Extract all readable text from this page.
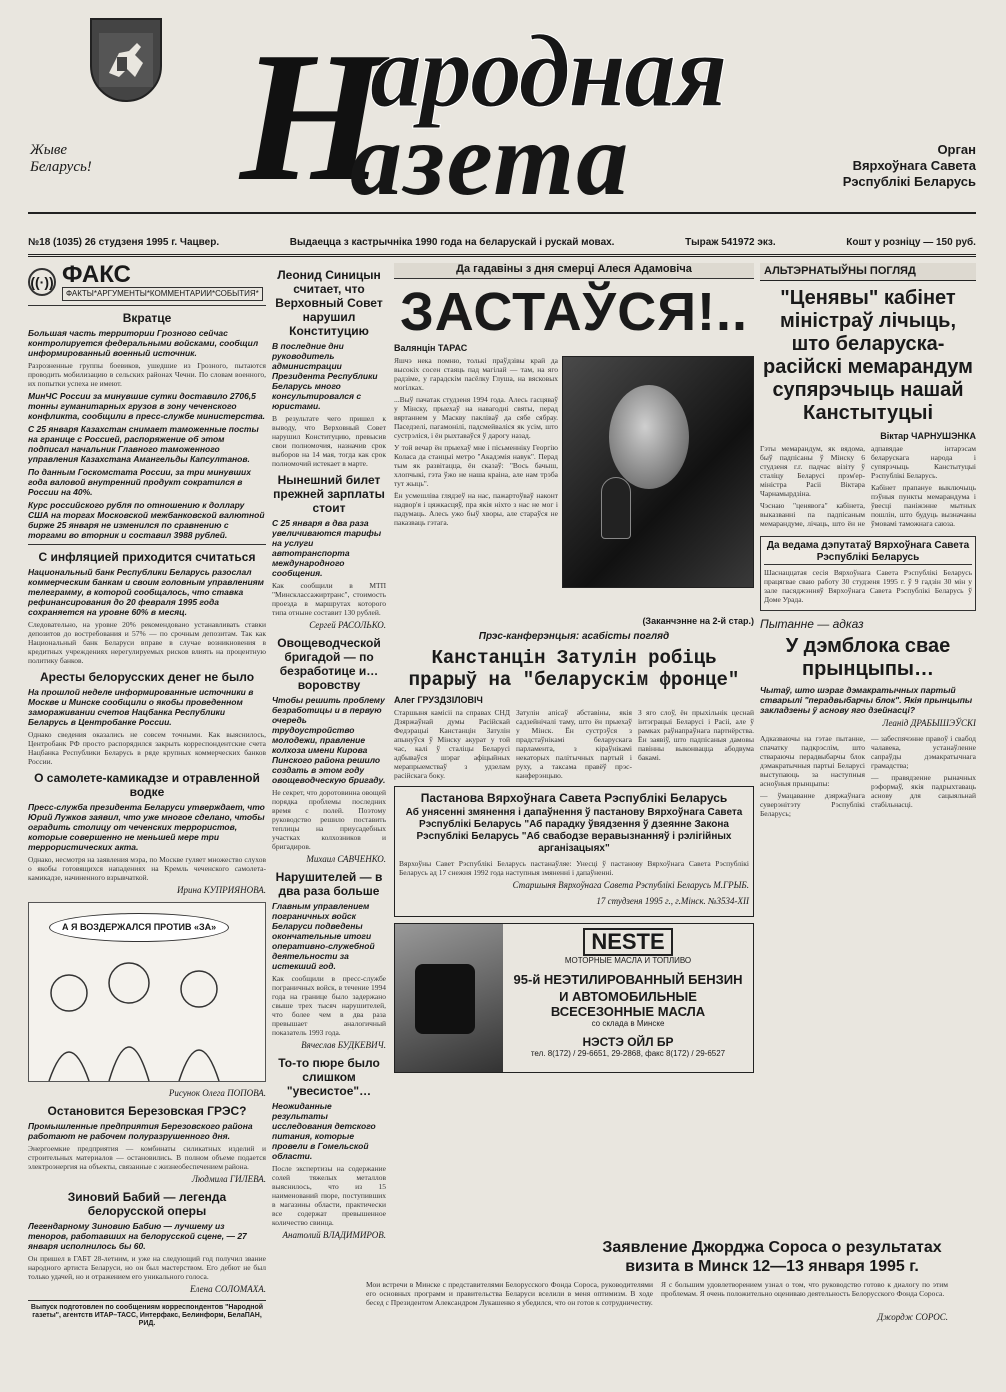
Жыве
Беларусь! Н
ародная
азета	Орган
Вярхоўнага Савета
Рэспублікі Беларусь
№18 (1035) 26 студзеня 1995 г. Чацвер.	Выдаецца з кастрычніка 1990 года на беларускай і рускай мовах.	Тыраж 541972 экз.	Кошт у розніцу — 150 руб.
((·)) ФАКС
ФАКТЫ*АРГУМЕНТЫ*КОММЕНТАРИИ*СОБЫТИЯ*
Вкратце
Большая часть территории Грозного сейчас контролируется федеральными войсками, сообщил информированный военный источник.

Разрозненные группы боевиков, ушедшие из Грозного, пытаются проводить мобилизацию в сельских районах Чечни. По словам военного, их попытки успеха не имеют.

МинЧС России за минувшие сутки доставило 2706,5 тонны гуманитарных грузов в зону чеченского конфликта, сообщили в пресс-службе министерства.
С 25 января Казахстан снимает таможенные посты на границе с Россией, распоряжение об этом подписал начальник Главного таможенного управления Казахстана Амангельды Капсултанов.
По данным Госкомстата России, за три минувших года валовой внутренний продукт сократился в России на 40%.
Курс российского рубля по отношению к доллару США на торгах Московской межбанковской валютной бирже 25 января не изменился по сравнению с торгами во вторник и составил 3988 рублей.
С инфляцией приходится считаться
Национальный банк Республики Беларусь разослал коммерческим банкам и своим головным управлениям телеграмму, в которой сообщалось, что ставка рефинансирования до 20 февраля 1995 года сохраняется на уровне 60% в месяц.

Следовательно, на уровне 20% рекомендовано устанавливать ставки депозитов до востребования и 57% — по срочным депозитам. Так как Национальный банк Беларуси вправе в случае возникновения в кредитных учреждениях нерегулируемых рисков влиять на процентную политику банков.

Аресты белорусских денег не было
На прошлой неделе информированные источники в Москве и Минске сообщили о якобы проведенном замораживании счетов Нацбанка Республики Беларусь в Центробанке России.

Однако сведения оказались не совсем точными. Как выяснилось, Центробанк РФ просто распорядился закрыть корреспондентские счета Нацбанка Республики Беларусь в ряде крупных коммерческих банков России.

О самолете-камикадзе и отравленной водке
Пресс-служба президента Беларуси утверждает, что Юрий Лужков заявил, что уже многое сделано, чтобы оградить столицу от чеченских террористов, которые совершенно не меньшей мере три террористических акта.

Однако, несмотря на заявления мэра, по Москве гуляет множество слухов о якобы готовящихся нападениях на Кремль чеченского самолета-камикадзе, начиненного взрывчаткой.

Ирина КУПРИЯНОВА.
А Я ВОЗДЕРЖАЛСЯ ПРОТИВ «ЗА»
Рисунок Олега ПОПОВА.
Остановится Березовская ГРЭС?
Промышленные предприятия Березовского района работают не рабочем полуразрушенного дня.

Энергоемкие предприятия — комбинаты силикатных изделий и строительных материалов — остановились. В полном объеме подается электроэнергия на объекты, связанные с жизнеобеспечением района.

Людмила ГИЛЕВА.
Зиновий Бабий — легенда белорусской оперы
Легендарному Зиновию Бабию — лучшему из теноров, работавших на белорусской сцене, — 27 января исполнилось бы 60.

Он пришел в ГАБТ 28-летним, и уже на следующий год получил звание народного артиста Беларуси, но он был мастерством. Его дебют не был только удачей, но и отражением его уникального голоса.

Елена СОЛОМАХА.
Выпуск подготовлен по сообщениям корреспондентов "Народной газеты", агентств ИТАР–ТАСС, Интерфакс, Белинформ, БелаПАН, РИД.
Леонид Синицын считает, что Верховный Совет нарушил Конституцию
В последние дни руководитель администрации Президента Республики Беларусь много консультировался с юристами.

В результате чего пришел к выводу, что Верховный Совет нарушил Конституцию, превысив свои полномочия, назначив срок выборов на 14 мая, тогда как срок полномочий истекает в марте.

Нынешний билет прежней зарплаты стоит
С 25 января в два раза увеличиваются тарифы на услуги автотранспорта международного сообщения.

Как сообщили в МТП "Минсклассажиртранс", стоимость проезда в маршрутах которого типа отныне составит 130 рублей.

Сергей РАСОЛЬКО.
Овощеводческой бригадой — по безработице и… воровству
Чтобы решить проблему безработицы и в первую очередь трудоустройство молодежи, правление колхоза имени Кирова Пинского района решило создать в этом году овощеводческую бригаду.

Не секрет, что доротовинна овощей порядка проблемы последних время с полей. Поэтому руководство решило поставить теплицы на приусадебных участках колхозников и бригадиров.

Михаил САВЧЕНКО.
Нарушителей — в два раза больше
Главным управлением пограничных войск Беларуси подведены окончательные итоги оперативно-служебной деятельности за истекший год.

Как сообщили в пресс-службе пограничных войск, в течение 1994 года на границе было задержано свыше трех тысяч нарушителей, что более чем в два раза превышает аналогичный показатель 1993 года.

Вячеслав БУДКЕВИЧ.
То-то пюре было слишком "увесистое"…
Неожиданные результаты исследования детского питания, которые провели в Гомельской области.

После экспертизы на содержание солей тяжелых металлов выяснилось, что из 15 наименований пюре, поступивших в магазины области, практически все содержат превышенное количество свинца.

Анатолий ВЛАДИМИРОВ.
Да гадавіны з дня смерці Алеся Адамовіча
ЗАСТАЎСЯ!..
Валянцін ТАРАС

Яшчэ нека помню, толькі праўдзівы край да высокіх сосен стаяць пад магілай — там, на яго радзіме, у гарадскім пасёлку Глуша, на вясковых могілках.

...Выў пачатак студзеня 1994 года. Алесь гасцяваў у Мінску, прыехаў на навагодні святы, перад вяртаннем у Маскву пакліваў да сябе сябрау. Паседзелі, пагамонілі, падсмейваліся як усім, што сустрэліся, і ён рыхтаваўся ў дарогу назад.

У той вечар ён прыехаў мне і пісьменніку Георгію Коласа да станцыі метро "Акадэмія навук". Перад тым як развітацца, ён сказаў: "Вось бачыш, хлопчыкі, гэта ўжо не наша краіна, але нам трэба тут жыць".

Ён усмешліва глядзеў на нас, пажартоўваў наконт надвор'я і цяжкасцяў, пра якія ніхто з нас не мог і падумаць. Алесь ужо быў хворы, але стараўся не паказваць гэтага.

(Заканчэнне на 2-й стар.)
Прэс-канферэнцыя: асабісты погляд
Канстанцін Затулін робіць прарыў на "беларускім фронце"
Алег ГРУЗДЗІЛОВІЧ

Старшыня камісіі па справах СНД Дзяржаўнай думы Расійскай Федэрацыі Канстанцін Затулін апынуўся ў Мінску акурат у той час, калі ў сталіцы Беларусі адбываўся шэраг афіцыйных мерапрыемстваў з удзелам расійскага боку.

Затулін апісаў абставіны, якія садзейнічалі таму, што ён прыехаў у Мінск. Ён сустрэўся з прадстаўнікамі беларускага парламента, з кіраўнікамі некаторых палітычных партый і руху, а таксама правёў прэс-канферэнцыю.

З яго слоў, ён прыхільнік цеснай інтэграцыі Беларусі і Расіі, але ў рамках раўнапраўнага партнёрства. Ён заявіў, што падпісаныя дамовы павінны выконвацца абодвума бакамі.

Пастанова Вярхоўнага Савета Рэспублікі Беларусь
Аб унясенні змянення і дапаўнення ў пастанову Вярхоўнага Савета Рэспублікі Беларусь "Аб парадку ўвядзення ў дзеянне Закона Рэспублікі Беларусь "Аб свабодзе веравызнанняў і рэлігійных арганізацыях"

Вярхоўны Савет Рэспублікі Беларусь пастанаўляе: Унесці ў пастанову Вярхоўнага Савета Рэспублікі Беларусь ад 17 снежня 1992 года наступныя змяненні і дапаўненні.

Старшыня Вярхоўнага Савета Рэспублікі Беларусь М.ГРЫБ.
17 студзеня 1995 г., г.Мінск. №3534-XII
NESTE
МОТОРНЫЕ МАСЛА И ТОПЛИВО
95-й НЕЭТИЛИРОВАННЫЙ БЕНЗИН
И АВТОМОБИЛЬНЫЕ ВСЕСЕЗОННЫЕ МАСЛА
со склада в Минске
НЭСТЭ ОЙЛ БР
тел. 8(172) / 29-6651, 29-2868, факс 8(172) / 29-6527
АЛЬТЭРНАТЫЎНЫ ПОГЛЯД
"Ценявы" кабінет міністраў лічыць, што беларуска-расійскі мемарандум супярэчыць нашай Канстытуцыі
Віктар ЧАРНУШЭНКА

Гэты мемарандум, як вядома, быў падпісаны ў Мінску 6 студзеня г.г. падчас візіту ў сталіцу Беларусі прэм'ер-міністра Расіі Віктара Чарнамырдзіна.

Чэснаю "ценявога" кабінета, выказванні па падпісаным мемарандуме, лічаць, што ён не адпавядае інтарэсам беларускага народа і супярэчыць Канстытуцыі Рэспублікі Беларусь.

Кабінет прапануе выключыць пэўныя пункты мемарандума і ўвесці паніжэнне мытных пошлін, што будуць вызначаны ўмовамі таможнага саюза.

Да ведама дэпутатаў Вярхоўнага Савета Рэспублікі Беларусь

Шаснаццатая сесія Вярхоўнага Савета Рэспублікі Беларусь працягвае сваю работу 30 студзеня 1995 г. ў 9 гадзін 30 мін у зале пасяджэнняў Вярхоўнага Савета Рэспублікі Беларусь ў Доме Урада.

Пытанне — адказ
У дэмблока свае прынцыпы…
Чытаў, што шэраг дэмакратычных партый стварылі "перадвыбарчы блок". Якія прынцыпы закладзены ў аснову яго дзейнасці?
Леанід ДРАБЫШЭЎСКІ

Адказваючы на гэтае пытанне, спачатку падкрэслім, што ствараючы перадвыбарчы блок дэмакратычныя партыі Беларусі выступаюць за наступныя асноўныя прынцыпы:

— ўмацаванне дзяржаўнага суверэнітэту Рэспублікі Беларусь;

— забеспячэнне правоў і свабод чалавека, устанаўленне сапраўды дэмакратычнага грамадства;

— правядзенне рыначных рэформаў, якія падрыхтаваць аснову для сацыяльнай стабільнасці.

Заявление Джорджа Сороса о результатах визита в Минск 12—13 января 1995 г.

Мои встречи в Минске с представителями Белорусского Фонда Сороса, руководителями его основных программ и правительства Беларуси вселили в меня оптимизм. В ходе бесед с Президентом Александром Лукашенко я убедился, что он готов к сотрудничеству.

Я с большим удовлетворением узнал о том, что руководство готово к диалогу по этим проблемам. Я очень положительно оцениваю деятельность Белорусского Фонда Сороса.

Джордж СОРОС.
